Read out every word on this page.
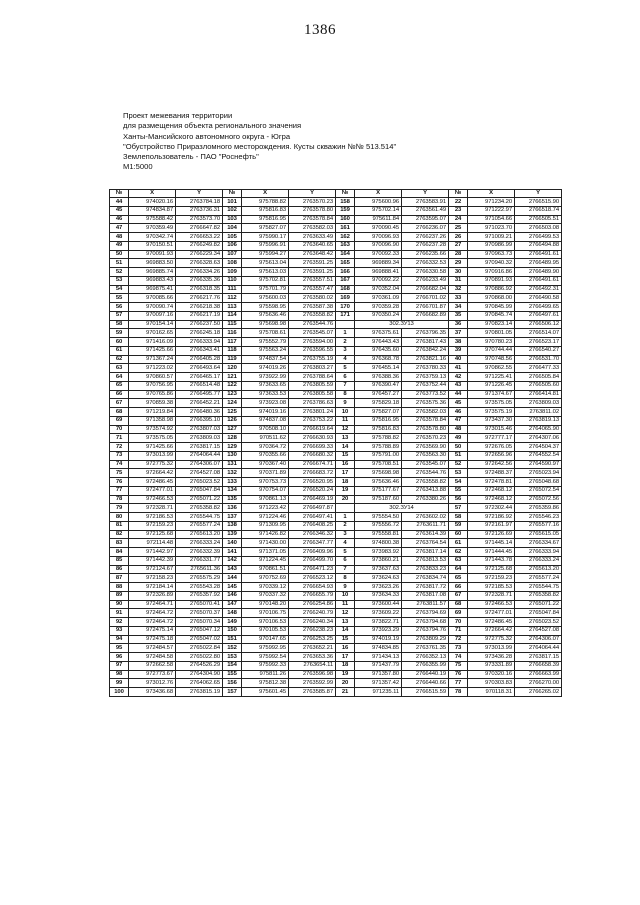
1386
Проект межевания территории
для размещения объекта регионального значения
Ханты-Мансийского автономного округа - Югра
"Обустройство Приразломного месторождения. Кусты скважин №№ 513.514"
Землепользователь - ПАО "Роснефть"
М1:5000
№	X	Y	№	X	Y	№	X	Y	№	X	Y
44	974020.16	2763784.18	101	975788.82	2763570.23	158	975600.96	2763583.91	22	971234.20	2766515.90
45	974834.87	2763736.31	102	975816.83	2763578.80	159	975702.14	2763561.49	23	971222.97	2766518.74
46	975588.42	2763573.70	103	975816.95	2763578.84	160	975611.84	2763595.07	24	971054.66	2766505.51
47	970359.49	2766647.82	104	975827.07	2763582.03	161	970090.45	2766236.07	25	971023.70	2766503.08
48	970342.74	2766653.22	105	975990.17	2763633.49	162	970096.93	2766237.26	26	971009.21	2766499.53
49	970150.51	2766249.82	106	975996.91	2763640.65	163	970096.90	2766237.28	27	970986.99	2766494.88
50	970091.93	2766229.34	107	975994.27	2763648.42	164	970092.33	2766235.66	28	970963.73	2766491.61
51	969883.50	2766328.63	108	975613.04	2763591.25	165	969889.34	2766332.53	29	970940.32	2766489.95
52	969885.74	2766334.26	109	975613.03	2763591.25	166	969888.41	2766330.58	30	970916.86	2766489.90
53	969883.43	2766335.36	110	975702.81	2763557.51	167	970092.22	2766233.49	31	970891.93	2766491.61
54	969875.41	2766318.35	111	975701.79	2763557.47	168	970352.04	2766682.04	32	970886.92	2766492.31
55	970085.66	2766217.76	112	975600.03	2763580.02	169	970361.09	2766701.02	33	970868.00	2766490.58
56	970090.74	2766218.38	113	975598.95	2763587.38	170	970359.28	2766701.87	34	970845.99	2766499.65
57	970097.16	2766217.19	114	975636.46	2763558.82	171	970350.24	2766682.89	35	970845.74	2766497.61
58	970154.14	2766237.50	115	975698.98	2763544.76		302.ЗУ13		36	970823.14	2766506.12
59	970162.65	2766245.18	116	975708.61	2763545.07	1	976375.61	2763796.35	37	970801.05	2766514.07
60	971416.09	2766333.94	117	975552.79	2763594.00	2	976443.43	2763817.43	38	970780.23	2766523.17
61	971425.66	2766343.41	118	975563.24	2763596.55	3	976435.60	2763842.24	39	970744.44	2766540.27
62	971367.24	2766405.28	119	974837.54	2763755.19	4	976368.78	2763821.16	40	970748.56	2766531.70
63	971223.02	2766493.64	120	974019.26	2763803.27	5	976455.14	2763780.33	41	970862.55	2766477.33
64	970860.57	2766465.17	121	973922.99	2763788.64	6	976388.36	2763759.13	42	971225.41	2766505.84
65	970756.95	2766514.48	122	973633.65	2763805.59	7	976390.47	2763752.44	43	971226.45	2766505.60
66	970765.86	2766495.77	123	973633.53	2763805.58	8	976457.27	2763773.52	44	971374.67	2766414.81
67	970859.38	2766452.21	124	973923.08	2763786.63	9	975829.18	2763575.36	45	973575.05	2763809.03
68	971219.84	2766480.36	125	974019.16	2763801.24	10	975827.07	2763582.03	46	973575.19	2763811.02
69	971358.98	2766395.10	126	974837.08	2763753.22	11	975816.95	2763578.84	47	973437.30	2763819.13
70	973574.92	2763807.03	127	970508.10	2766619.64	12	975816.83	2763578.80	48	973015.46	2764065.90
71	973575.05	2763809.03	128	970511.62	2766630.93	13	975788.82	2763570.23	49	972777.17	2764307.06
72	971425.66	2763817.15	129	970364.72	2766699.33	14	975788.89	2763569.90	50	972676.05	2764504.37
73	973013.99	2764064.44	130	970355.66	2766680.32	15	975791.00	2763563.30	51	972656.96	2764552.54
74	972775.32	2764306.07	131	970367.40	2766674.71	16	975708.51	2763545.07	52	972642.56	2764590.97
75	972664.42	2764527.08	132	970371.89	2766683.72	17	975698.98	2763544.76	53	972488.37	2765023.94
76	972486.45	2765023.52	133	970753.73	2766520.95	18	975636.46	2763558.82	54	972478.81	2765048.68
77	972477.01	2765047.84	134	970754.07	2766520.24	19	975177.67	2763413.88	55	972468.12	2765072.54
78	972466.53	2765071.22	135	970861.13	2766469.19	20	975187.60	2763380.26	56	972468.12	2765072.56
79	972328.71	2765358.82	136	971223.42	2766497.87		302.ЗУ14		57	972302.44	2765359.86
80	972186.53	2765544.75	137	971224.46	2766497.41	1	975554.50	2763602.02	58	972186.92	2765546.23
81	972159.23	2765577.24	138	971309.95	2766408.25	2	975556.72	2763611.71	59	972161.97	2765577.16
82	972125.68	2765613.20	139	971426.82	2766346.32	3	975558.81	2763614.39	60	972126.69	2765615.05
83	972114.48	2766333.24	140	971430.00	2766347.77	4	974800.38	2763764.54	61	971445.14	2766334.67
84	971442.97	2766332.39	141	971371.05	2766409.96	5	973983.92	2763817.14	62	971444.45	2766333.94
85	971442.39	2766331.77	142	971224.45	2766499.70	6	973860.21	2763813.53	63	971443.78	2766333.24
86	972124.67	2765611.36	143	970861.51	2766471.23	7	973637.63	2763833.23	64	972125.68	2765613.20
87	972158.23	2765575.29	144	970752.69	2766523.12	8	973624.63	2763834.74	65	972159.23	2765577.24
88	972184.14	2765543.28	145	970339.12	2766654.93	9	973623.26	2763817.72	66	972185.53	2765544.75
89	972326.89	2765357.92	146	970337.32	2766655.79	10	973634.33	2763817.08	67	972328.71	2765358.82
90	972464.71	2765070.41	147	970148.20	2766254.86	11	973600.44	2763811.57	68	972466.53	2765071.22
91	972464.72	2765070.37	148	970106.75	2766240.79	12	973609.22	2763794.69	69	972477.01	2765047.84
92	972464.72	2765070.34	149	970106.53	2766240.34	13	973822.71	2763794.68	70	972486.45	2765023.52
93	972475.14	2765047.12	150	970105.53	2766238.23	14	973923.29	2763794.76	71	972664.42	2764527.08
94	972475.18	2765047.02	151	970147.65	2766253.25	15	974019.19	2763809.29	72	972775.32	2764306.07
95	972484.57	2765022.84	152	975992.95	2763652.21	16	974834.85	2763761.35	73	973013.99	2764064.44
96	972484.58	2765022.80	153	975992.54	2763653.36	17	971434.13	2766352.13	74	973436.28	2763817.15
97	972662.58	2764526.29	154	975992.33	2763654.11	18	971437.79	2766355.99	75	973331.89	2766658.39
98	972773.67	2764304.90	155	975811.26	2763596.98	19	971357.80	2766440.19	76	970320.16	2766663.99
99	973012.76	2764062.65	156	975812.38	2763592.99	20	971357.42	2766440.66	77	970303.83	2766270.00
100	973436.68	2763815.19	157	975601.45	2763585.87	21	971235.11	2766515.59	78	970118.31	2766265.02
